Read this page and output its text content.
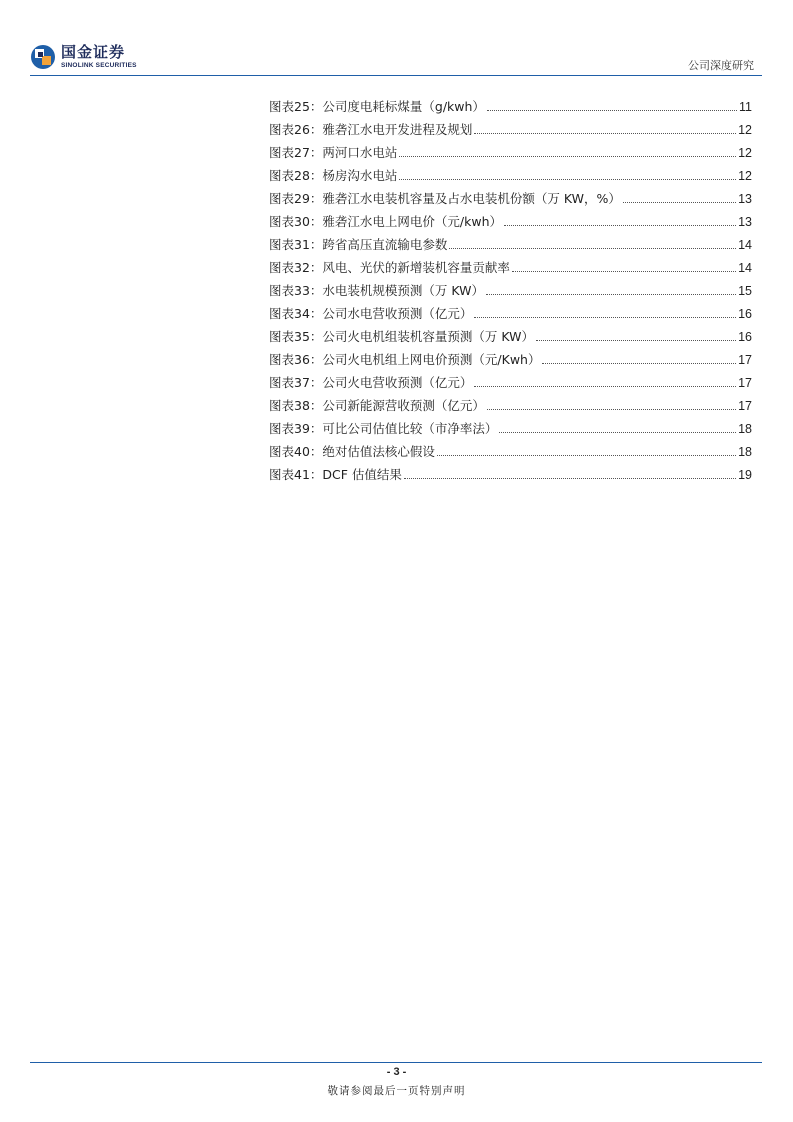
国金证券
SINOLINK SECURITIES	公司深度研究
图表25：公司度电耗标煤量（g/kwh）	11
图表26：雅砻江水电开发进程及规划	12
图表27：两河口水电站	12
图表28：杨房沟水电站	12
图表29：雅砻江水电装机容量及占水电装机份额（万 KW，%）	13
图表30：雅砻江水电上网电价（元/kwh）	13
图表31：跨省高压直流输电参数	14
图表32：风电、光伏的新增装机容量贡献率	14
图表33：水电装机规模预测（万 KW）	15
图表34：公司水电营收预测（亿元）	16
图表35：公司火电机组装机容量预测（万 KW）	16
图表36：公司火电机组上网电价预测（元/Kwh）	17
图表37：公司火电营收预测（亿元）	17
图表38：公司新能源营收预测（亿元）	17
图表39：可比公司估值比较（市净率法）	18
图表40：绝对估值法核心假设	18
图表41：DCF 估值结果	19
- 3 -
敬请参阅最后一页特别声明
